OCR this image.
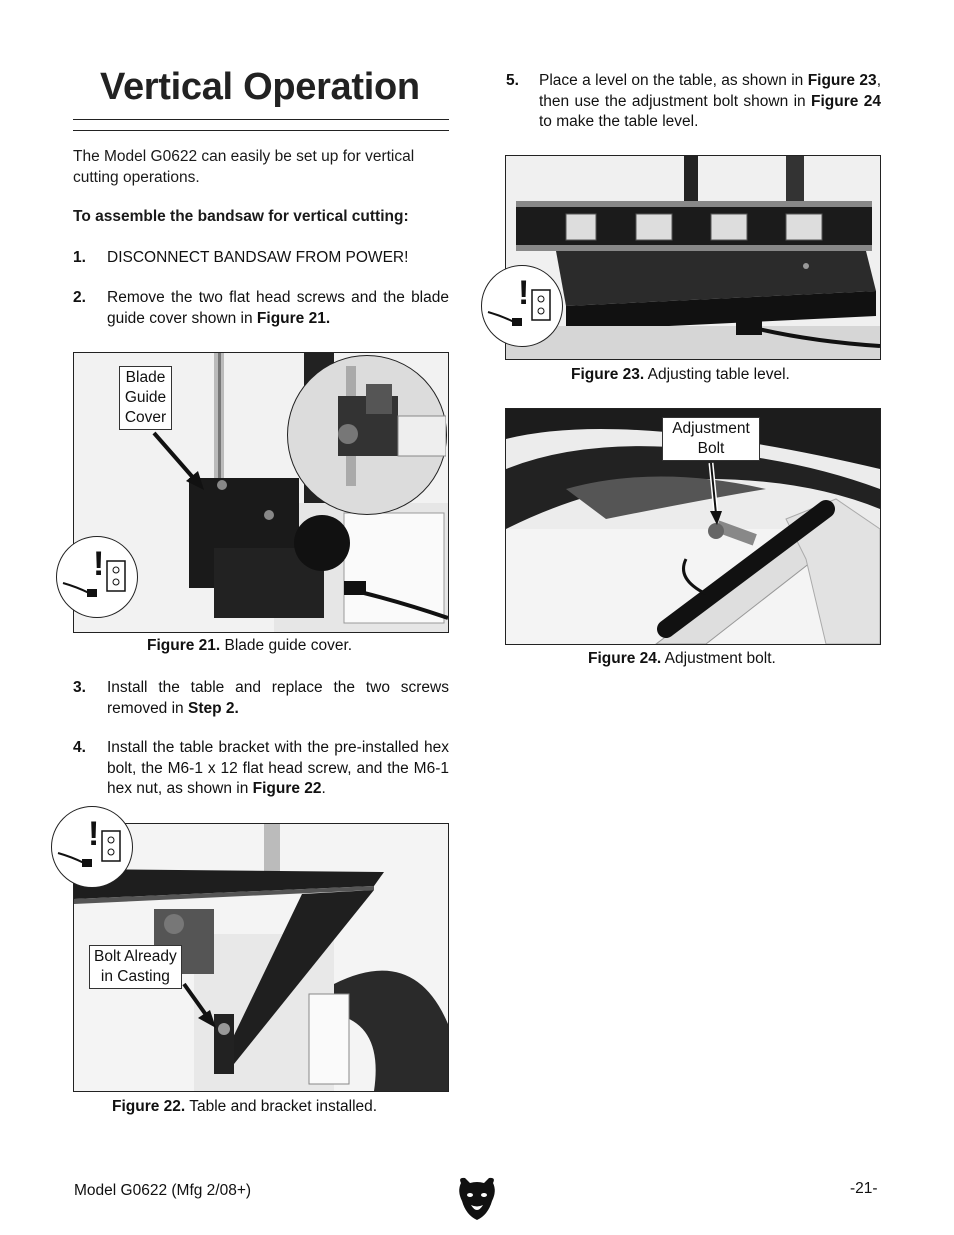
Vertical Operation
The Model G0622 can easily be set up for vertical cutting operations.
To assemble the bandsaw for vertical cutting:
1. DISCONNECT BANDSAW FROM POWER!
2. Remove the two flat head screws and the blade guide cover shown in Figure 21.
Blade Guide Cover
!
Figure 21. Blade guide cover.
3. Install the table and replace the two screws removed in Step 2.
4. Install the table bracket with the pre-installed hex bolt, the M6-1 x 12 flat head screw, and the M6-1 hex nut, as shown in Figure 22.
Bolt Already
in Casting
!
Figure 22. Table and bracket installed.
5. Place a level on the table, as shown in Figure 23, then use the adjustment bolt shown in Figure 24 to make the table level.
!
Figure 23. Adjusting table level.
Adjustment
Bolt
Figure 24. Adjustment bolt.
Model G0622 (Mfg 2/08+)	-21-
